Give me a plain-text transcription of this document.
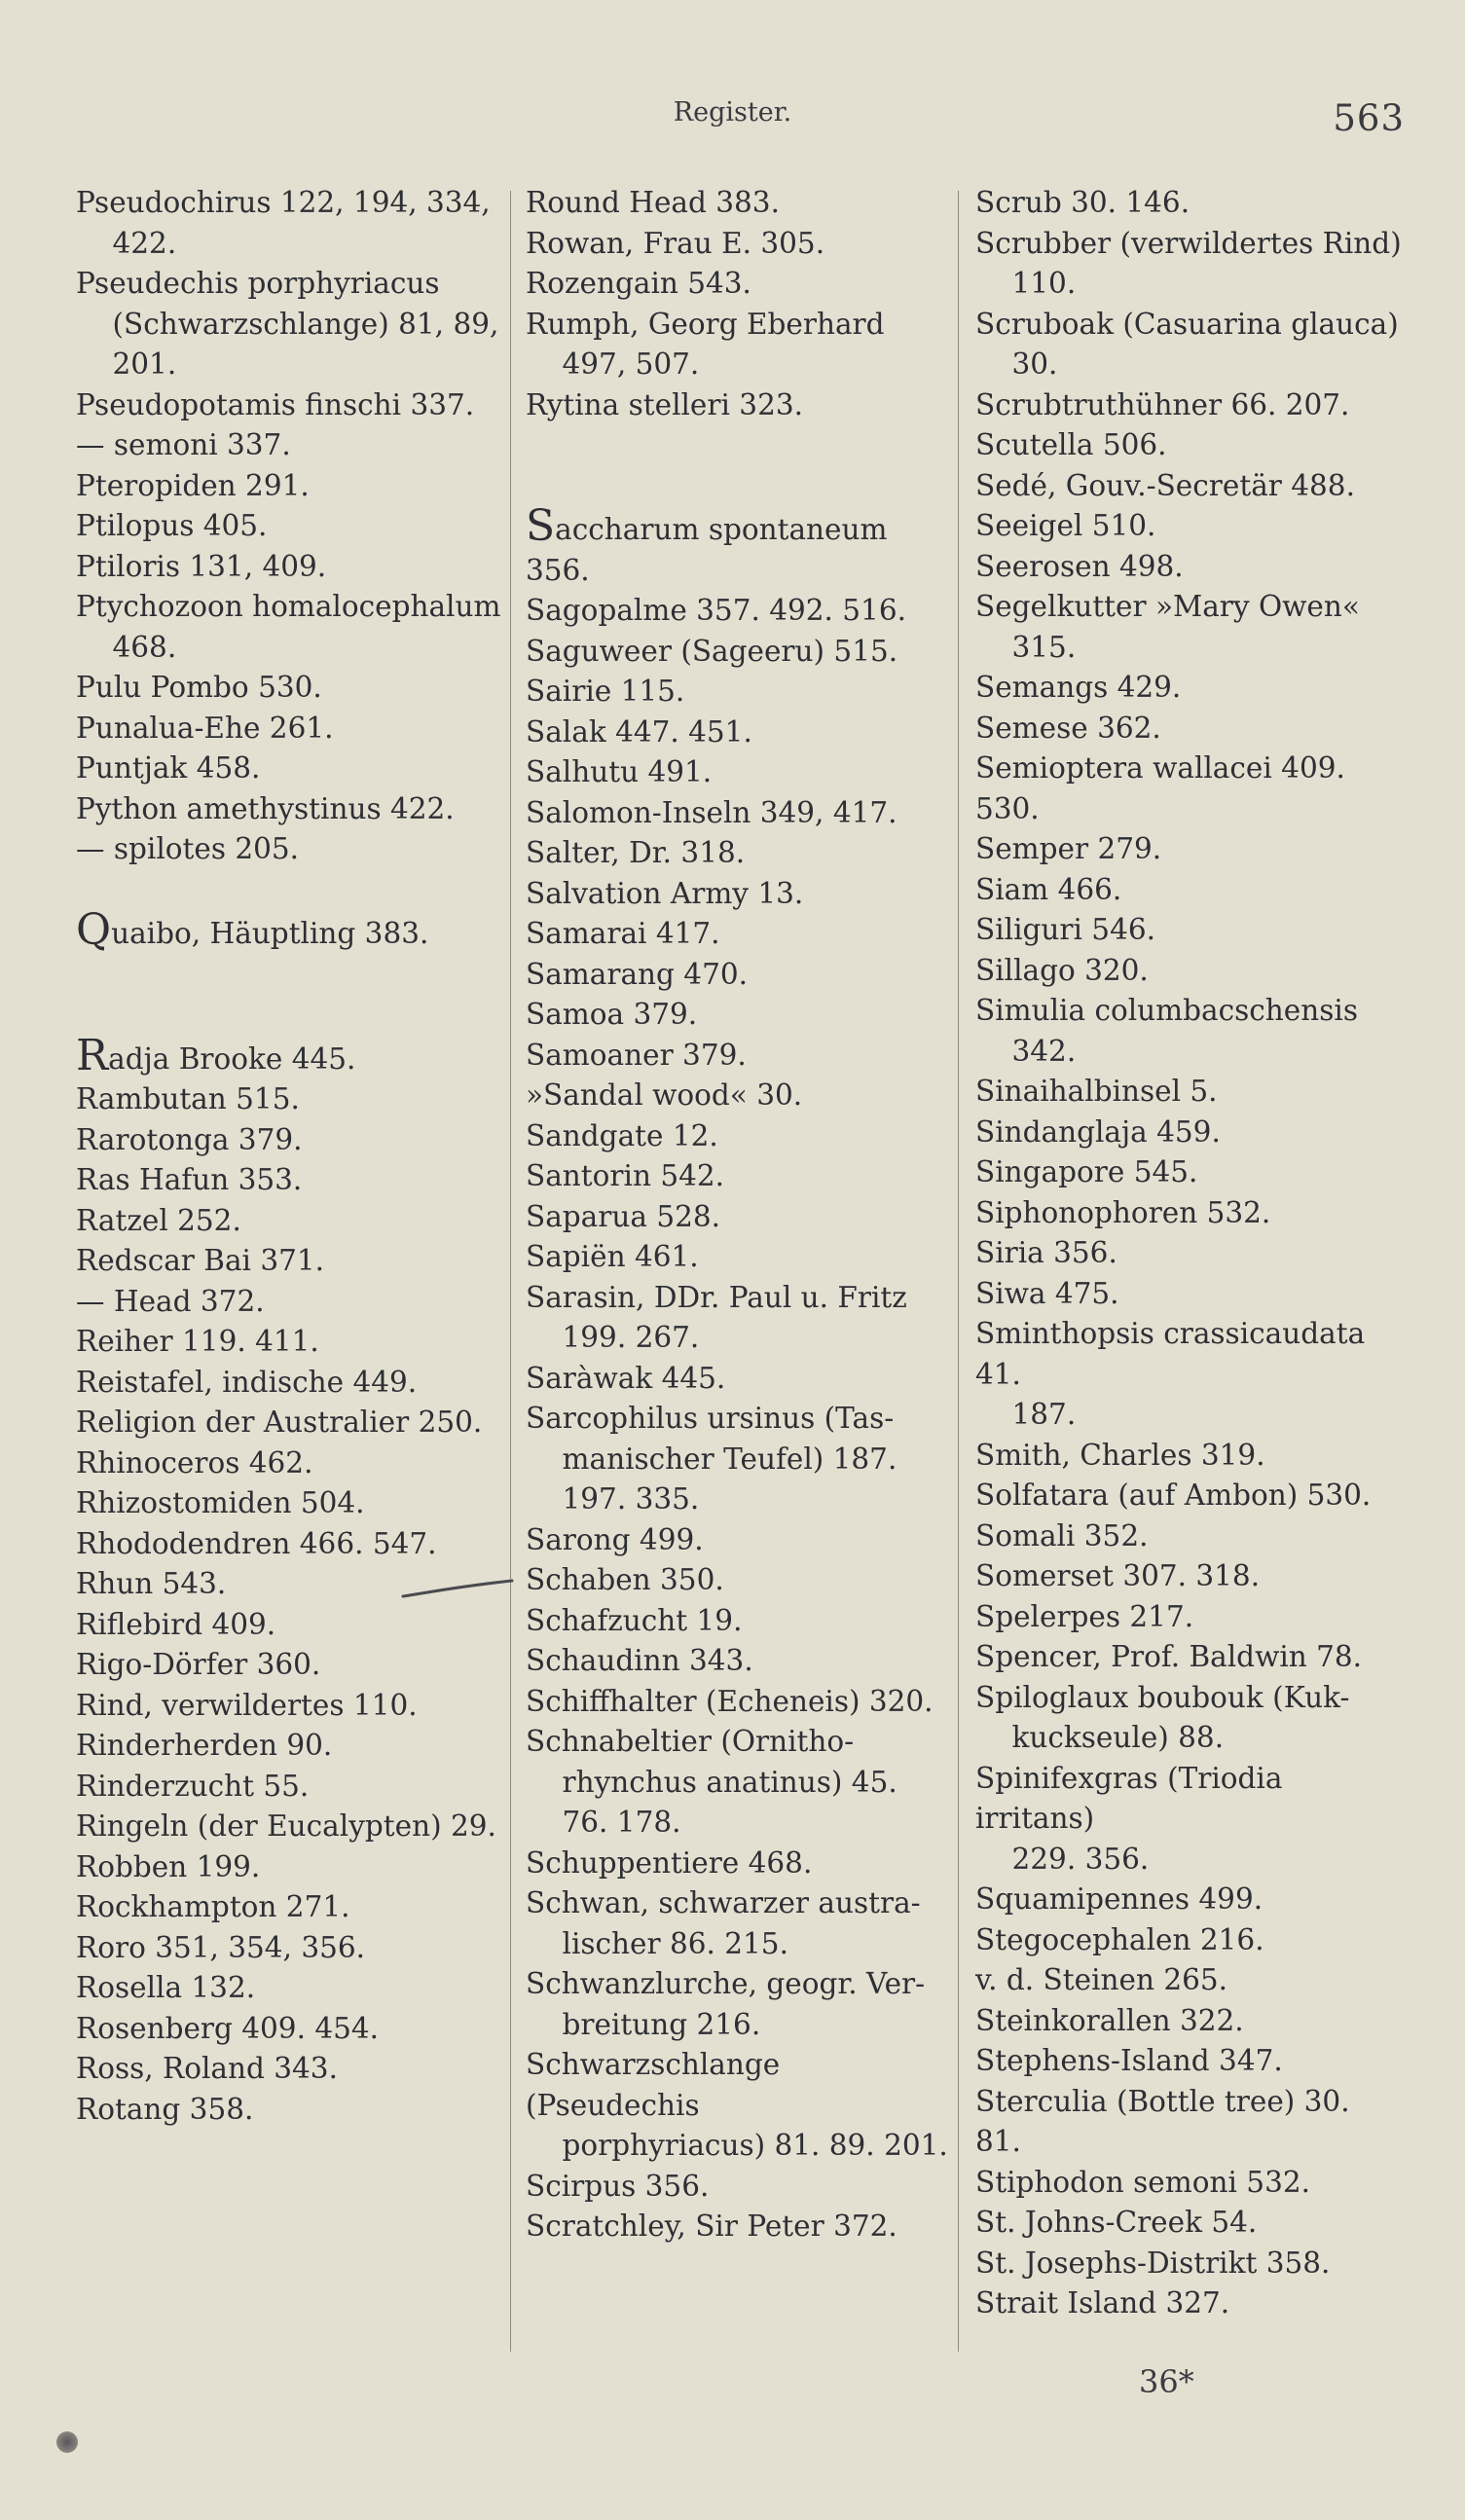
Register.	563
Pseudochirus 122, 194, 334,
422.
Pseudechis porphyriacus
(Schwarzschlange) 81, 89,
201.
Pseudopotamis finschi 337.
— semoni 337.
Pteropiden 291.
Ptilopus 405.
Ptiloris 131, 409.
Ptychozoon homalocephalum
468.
Pulu Pombo 530.
Punalua-Ehe 261.
Puntjak 458.
Python amethystinus 422.
— spilotes 205.

Quaibo, Häuptling 383.

Radja Brooke 445.
Rambutan 515.
Rarotonga 379.
Ras Hafun 353.
Ratzel 252.
Redscar Bai 371.
— Head 372.
Reiher 119. 411.
Reistafel, indische 449.
Religion der Australier 250.
Rhinoceros 462.
Rhizostomiden 504.
Rhododendren 466. 547.
Rhun 543.
Riflebird 409.
Rigo-Dörfer 360.
Rind, verwildertes 110.
Rinderherden 90.
Rinderzucht 55.
Ringeln (der Eucalypten) 29.
Robben 199.
Rockhampton 271.
Roro 351, 354, 356.
Rosella 132.
Rosenberg 409. 454.
Ross, Roland 343.
Rotang 358.
Round Head 383.
Rowan, Frau E. 305.
Rozengain 543.
Rumph, Georg Eberhard
497, 507.
Rytina stelleri 323.

Saccharum spontaneum 356.
Sagopalme 357. 492. 516.
Saguweer (Sageeru) 515.
Sairie 115.
Salak 447. 451.
Salhutu 491.
Salomon-Inseln 349, 417.
Salter, Dr. 318.
Salvation Army 13.
Samarai 417.
Samarang 470.
Samoa 379.
Samoaner 379.
»Sandal wood« 30.
Sandgate 12.
Santorin 542.
Saparua 528.
Sapiën 461.
Sarasin, DDr. Paul u. Fritz
199. 267.
Saràwak 445.
Sarcophilus ursinus (Tas-
manischer Teufel) 187.
197. 335.
Sarong 499.
Schaben 350.
Schafzucht 19.
Schaudinn 343.
Schiffhalter (Echeneis) 320.
Schnabeltier (Ornitho-
rhynchus anatinus) 45.
76. 178.
Schuppentiere 468.
Schwan, schwarzer austra-
lischer 86. 215.
Schwanzlurche, geogr. Ver-
breitung 216.
Schwarzschlange (Pseudechis
porphyriacus) 81. 89. 201.
Scirpus 356.
Scratchley, Sir Peter 372.
Scrub 30. 146.
Scrubber (verwildertes Rind)
110.
Scruboak (Casuarina glauca)
30.
Scrubtruthühner 66. 207.
Scutella 506.
Sedé, Gouv.-Secretär 488.
Seeigel 510.
Seerosen 498.
Segelkutter »Mary Owen«
315.
Semangs 429.
Semese 362.
Semioptera wallacei 409. 530.
Semper 279.
Siam 466.
Siliguri 546.
Sillago 320.
Simulia columbacschensis
342.
Sinaihalbinsel 5.
Sindanglaja 459.
Singapore 545.
Siphonophoren 532.
Siria 356.
Siwa 475.
Sminthopsis crassicaudata 41.
187.
Smith, Charles 319.
Solfatara (auf Ambon) 530.
Somali 352.
Somerset 307. 318.
Spelerpes 217.
Spencer, Prof. Baldwin 78.
Spiloglaux boubouk (Kuk-
kuckseule) 88.
Spinifexgras (Triodia irritans)
229. 356.
Squamipennes 499.
Stegocephalen 216.
v. d. Steinen 265.
Steinkorallen 322.
Stephens-Island 347.
Sterculia (Bottle tree) 30. 81.
Stiphodon semoni 532.
St. Johns-Creek 54.
St. Josephs-Distrikt 358.
Strait Island 327.
36*
